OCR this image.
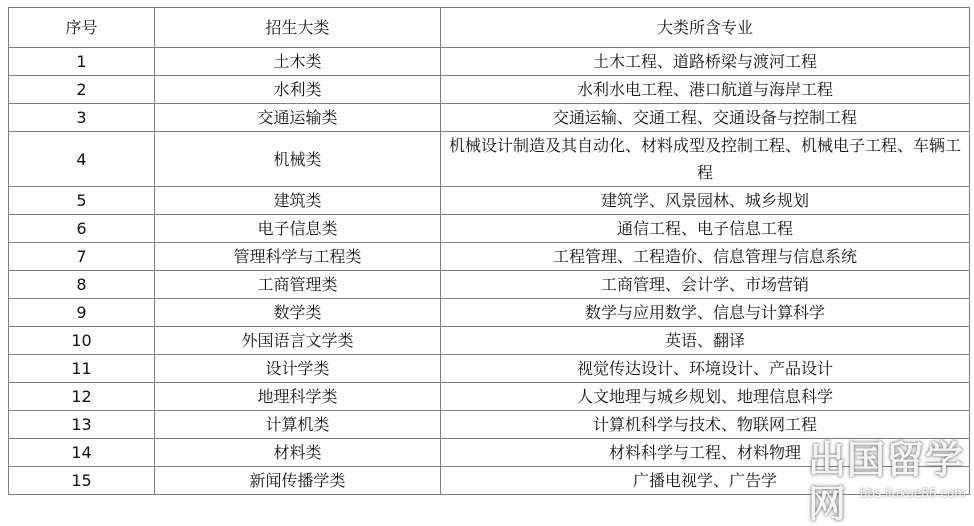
序号	招生大类	大类所含专业
1	土木类	土木工程、道路桥梁与渡河工程
2	水利类	水利水电工程、港口航道与海岸工程
3	交通运输类	交通运输、交通工程、交通设备与控制工程
4	机械类	机械设计制造及其自动化、材料成型及控制工程、机械电子工程、车辆工程
5	建筑类	建筑学、风景园林、城乡规划
6	电子信息类	通信工程、电子信息工程
7	管理科学与工程类	工程管理、工程造价、信息管理与信息系统
8	工商管理类	工商管理、会计学、市场营销
9	数学类	数学与应用数学、信息与计算科学
10	外国语言文学类	英语、翻译
11	设计学类	视觉传达设计、环境设计、产品设计
12	地理科学类	人文地理与城乡规划、地理信息科学
13	计算机类	计算机科学与技术、物联网工程
14	材料类	材料科学与工程、材料物理
15	新闻传播学类	广播电视学、广告学 出国留学网	bbs.liuxue86.com
